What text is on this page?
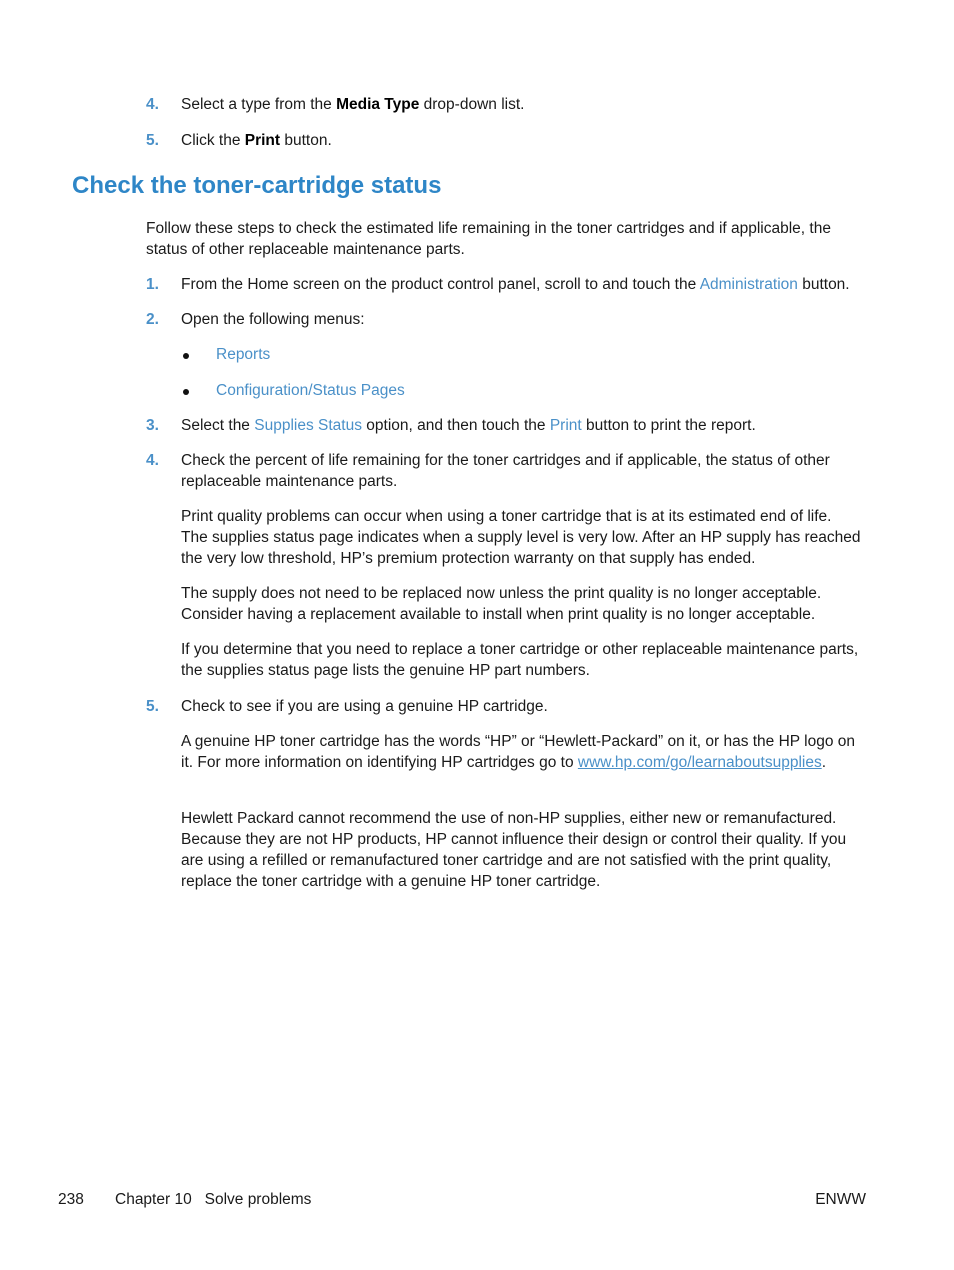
4. Select a type from the Media Type drop-down list.
5. Click the Print button.
Check the toner-cartridge status
Follow these steps to check the estimated life remaining in the toner cartridges and if applicable, the status of other replaceable maintenance parts.
1. From the Home screen on the product control panel, scroll to and touch the Administration button.
2. Open the following menus:
Reports
Configuration/Status Pages
3. Select the Supplies Status option, and then touch the Print button to print the report.
4. Check the percent of life remaining for the toner cartridges and if applicable, the status of other replaceable maintenance parts.
Print quality problems can occur when using a toner cartridge that is at its estimated end of life. The supplies status page indicates when a supply level is very low. After an HP supply has reached the very low threshold, HP’s premium protection warranty on that supply has ended.
The supply does not need to be replaced now unless the print quality is no longer acceptable. Consider having a replacement available to install when print quality is no longer acceptable.
If you determine that you need to replace a toner cartridge or other replaceable maintenance parts, the supplies status page lists the genuine HP part numbers.
5. Check to see if you are using a genuine HP cartridge.
A genuine HP toner cartridge has the words “HP” or “Hewlett-Packard” on it, or has the HP logo on it. For more information on identifying HP cartridges go to www.hp.com/go/learnaboutsupplies.
Hewlett Packard cannot recommend the use of non-HP supplies, either new or remanufactured. Because they are not HP products, HP cannot influence their design or control their quality. If you are using a refilled or remanufactured toner cartridge and are not satisfied with the print quality, replace the toner cartridge with a genuine HP toner cartridge.
238 Chapter 10   Solve problems	ENWW
